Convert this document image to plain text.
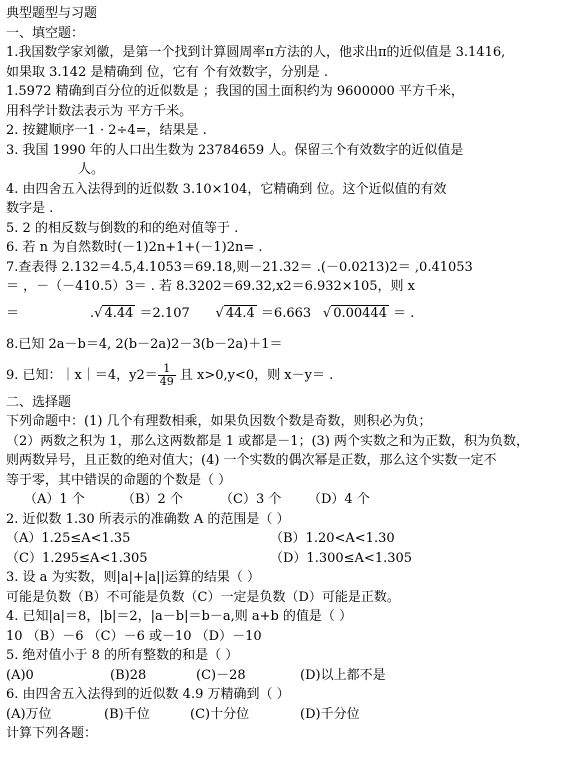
典型题型与习题
一、填空题：
1.我国数学家刘徽，是第一个找到计算圆周率π方法的人，他求出π的近似值是 3.1416,
如果取 3.142 是精确到 位，它有 个有效数字，分别是 .
1.5972 精确到百分位的近似数是 ；我国的国土面积约为 9600000 平方千米，
用科学计数法表示为 平方千米。
2. 按鍵顺序一1 · 2÷4=，结果是 .
3. 我国 1990 年的人口出生数为 23784659 人。保留三个有效数字的近似值是
人。
4. 由四舍五入法得到的近似数 3.10×104，它精确到 位。这个近似值的有效
数字是 .
5. 2 的相反数与倒数的和的绝对值等于 .
6. 若 n 为自然数时(－1)2n+1+(－1)2n= .
7.查表得 2.132＝4.5,4.1053＝69.18,则－21.32＝ .(－0.0213)2＝ ,0.41053
＝ ，－（－410.5）3＝ . 若 8.3202＝69.32,x2＝6.932×105，则 x
＝	.√ 4.44 ＝2.107 √ 44.4 ＝6.663 √ 0.00444 ＝ .
8.已知 2a－b＝4, 2(b－2a)2－3(b－2a)＋1＝
9. 已知：｜x｜＝4，$y2= \frac{1}{49}$ 且 x>0,y<0，则 x－y＝ .
二、选择题
下列命题中：(1) 几个有理数相乘，如果负因数个数是奇数，则积必为负；
（2）两数之积为 1，那么这两数都是 1 或都是－1；(3) 两个实数之和为正数，积为负数，
则两数异号，且正数的绝对值大；(4) 一个实数的偶次幂是正数，那么这个实数一定不
等于零，其中错误的命题的个数是（ ）
（A）1 个	（B）2 个	（C）3 个	（D）4 个
2. 近似数 1.30 所表示的准确数 A 的范围是（ ）
（A）1.25≤A<1.35	（B）1.20<A<1.30
（C）1.295≤A<1.305	（D）1.300≤A<1.305
3. 设 a 为实数，则|a|+|a||运算的结果（ ）
可能是负数（B）不可能是负数（C）一定是负数（D）可能是正数。
4. 已知|a|＝8，|b|＝2，|a－b|＝b－a,则 a+b 的值是（ ）
10 （B）－6 （C）－6 或－10 （D）－10
5. 绝对值小于 8 的所有整数的和是（ ）
(A)0	(B)28	(C)－28	(D)以上都不是
6. 由四舍五入法得到的近似数 4.9 万精确到（ ）
(A)万位	(B)千位	(C)十分位	(D)千分位
计算下列各题：
